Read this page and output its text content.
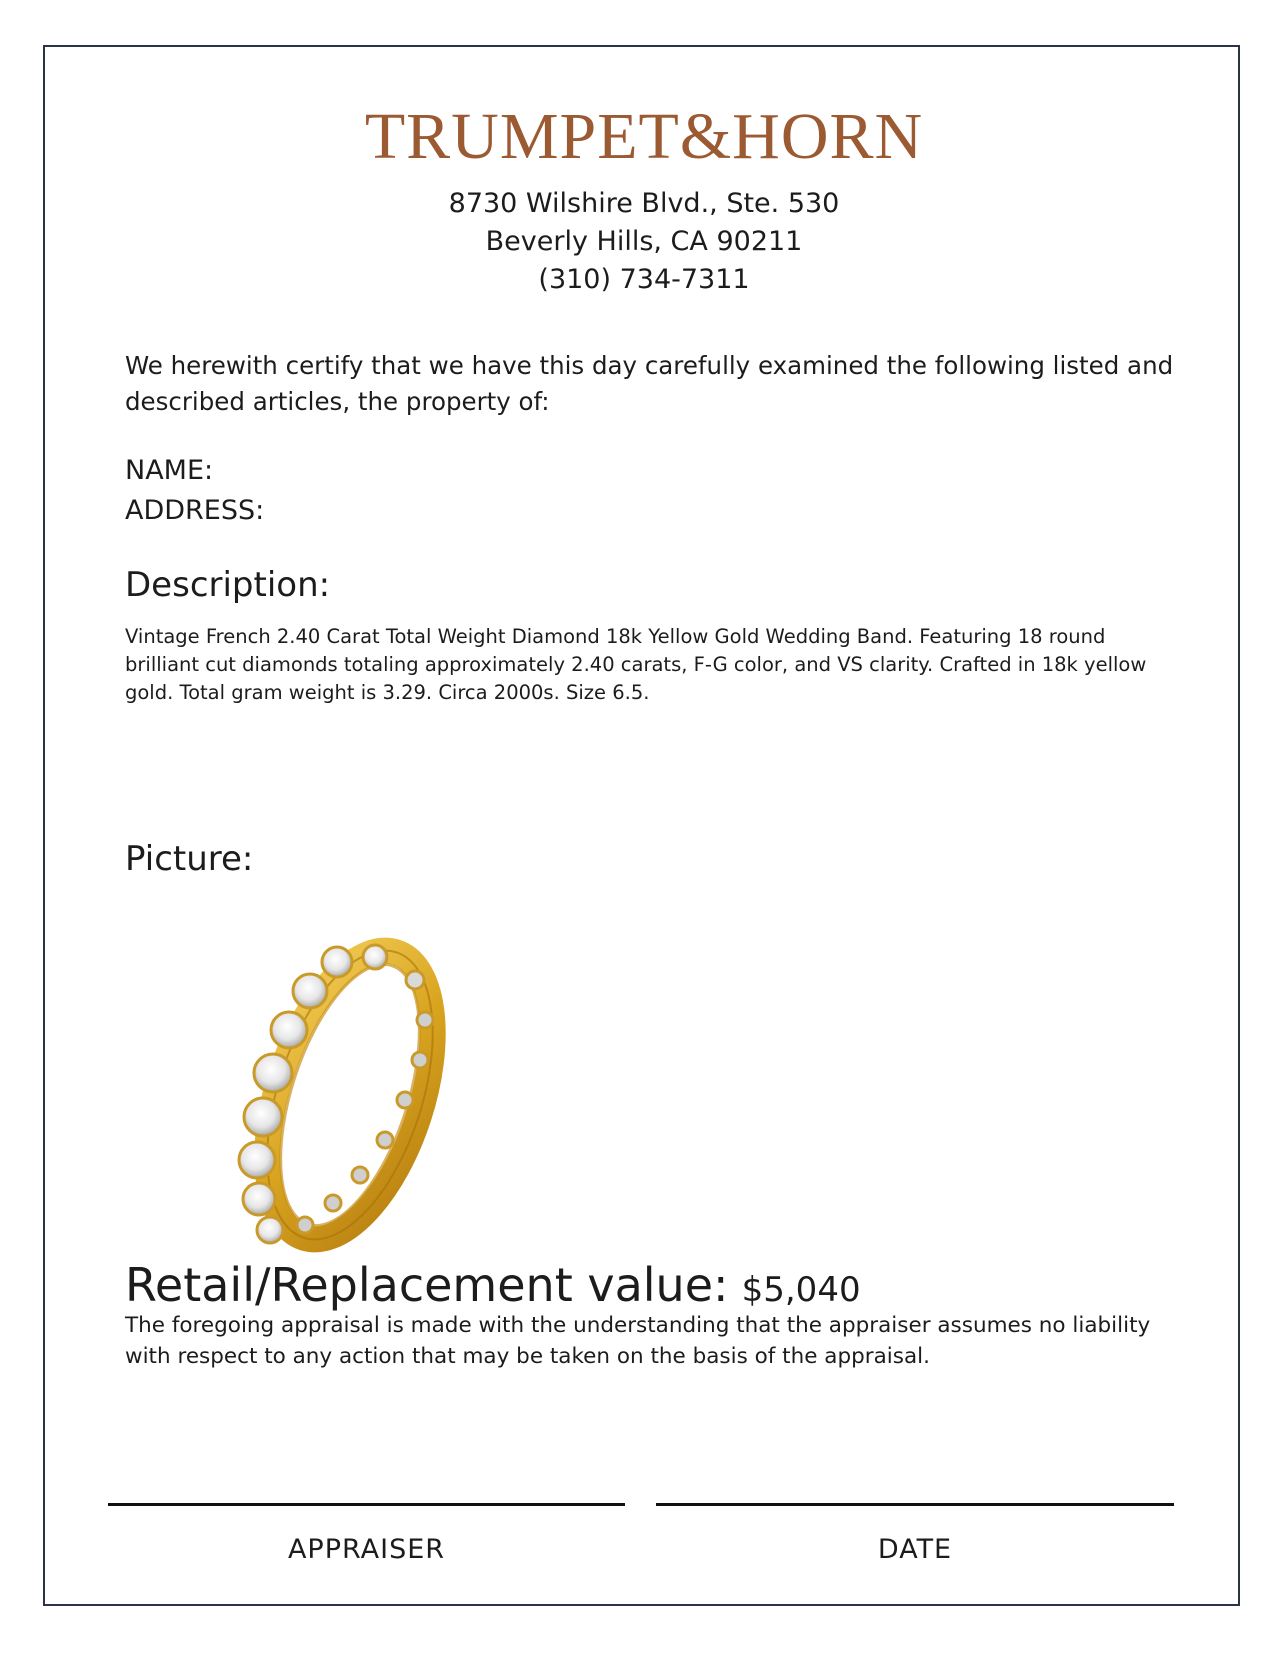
TRUMPET&HORN
8730 Wilshire Blvd., Ste. 530
Beverly Hills, CA 90211
(310) 734-7311
We herewith certify that we have this day carefully examined the following listed and described articles, the property of:
NAME:
ADDRESS:
Description:
Vintage French 2.40 Carat Total Weight Diamond 18k Yellow Gold Wedding Band. Featuring 18 round brilliant cut diamonds totaling approximately 2.40 carats, F-G color, and VS clarity. Crafted in 18k yellow gold. Total gram weight is 3.29. Circa 2000s. Size 6.5.
Picture:
Retail/Replacement value: $5,040
The foregoing appraisal is made with the understanding that the appraiser assumes no liability with respect to any action that may be taken on the basis of the appraisal.
APPRAISER	DATE
